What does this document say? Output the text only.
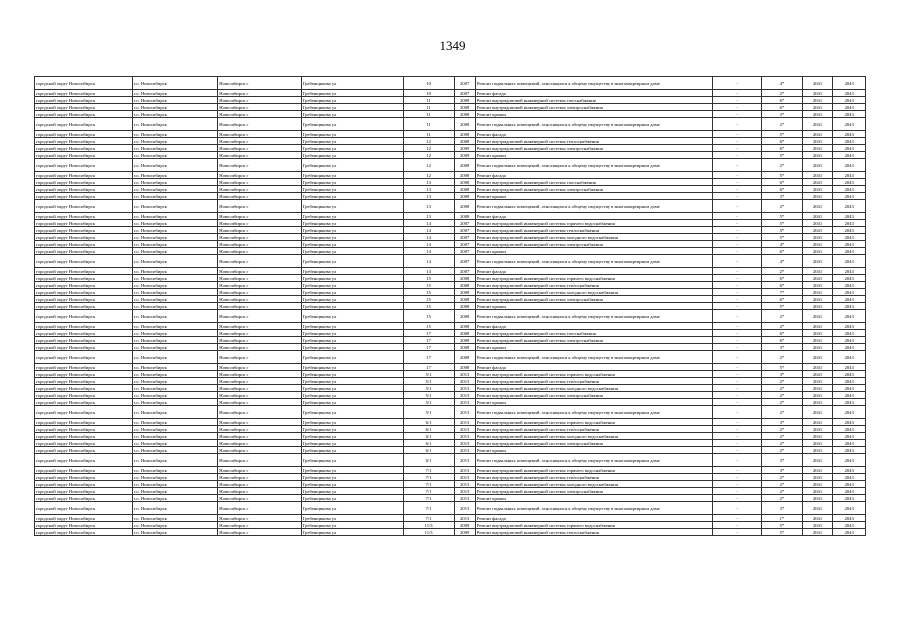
1349
городской округ Новосибирск	г.о. Новосибирск	Новосибирск г	Гребенщикова ул	10	2007	Ремонт подвальных помещений, относящихся к общему имуществу в многоквартирном доме	-	4*	2041	2043
городской округ Новосибирск	г.о. Новосибирск	Новосибирск г	Гребенщикова ул	10	2007	Ремонт фасада	-	2*	2041	2043
городской округ Новосибирск	г.о. Новосибирск	Новосибирск г	Гребенщикова ул	11	2008	Ремонт внутридомовой инженерной системы газоснабжения	-	6*	2041	2043
городской округ Новосибирск	г.о. Новосибирск	Новосибирск г	Гребенщикова ул	11	2008	Ремонт внутридомовой инженерной системы электроснабжения	-	6*	2041	2043
городской округ Новосибирск	г.о. Новосибирск	Новосибирск г	Гребенщикова ул	11	2008	Ремонт крыши	-	3*	2041	2043
городской округ Новосибирск	г.о. Новосибирск	Новосибирск г	Гребенщикова ул	11	2008	Ремонт подвальных помещений, относящихся к общему имуществу в многоквартирном доме	-	2*	2041	2043
городской округ Новосибирск	г.о. Новосибирск	Новосибирск г	Гребенщикова ул	11	2008	Ремонт фасада	-	5*	2041	2043
городской округ Новосибирск	г.о. Новосибирск	Новосибирск г	Гребенщикова ул	12	2008	Ремонт внутридомовой инженерной системы теплоснабжения	-	6*	2041	2043
городской округ Новосибирск	г.о. Новосибирск	Новосибирск г	Гребенщикова ул	12	2009	Ремонт внутридомовой инженерной системы электроснабжения	-	6*	2041	2043
городской округ Новосибирск	г.о. Новосибирск	Новосибирск г	Гребенщикова ул	12	2009	Ремонт крыши	-	5*	2041	2043
городской округ Новосибирск	г.о. Новосибирск	Новосибирск г	Гребенщикова ул	12	2008	Ремонт подвальных помещений, относящихся к общему имуществу в многоквартирном доме	-	2*	2041	2043
городской округ Новосибирск	г.о. Новосибирск	Новосибирск г	Гребенщикова ул	12	2008	Ремонт фасада	-	5*	2041	2043
городской округ Новосибирск	г.о. Новосибирск	Новосибирск г	Гребенщикова ул	13	2008	Ремонт внутридомовой инженерной системы газоснабжения	-	6*	2041	2043
городской округ Новосибирск	г.о. Новосибирск	Новосибирск г	Гребенщикова ул	13	2008	Ремонт внутридомовой инженерной системы электроснабжения	-	6*	2041	2043
городской округ Новосибирск	г.о. Новосибирск	Новосибирск г	Гребенщикова ул	13	2008	Ремонт крыши	-	3*	2041	2043
городской округ Новосибирск	г.о. Новосибирск	Новосибирск г	Гребенщикова ул	13	2008	Ремонт подвальных помещений, относящихся к общему имуществу в многоквартирном доме	-	2*	2041	2043
городской округ Новосибирск	г.о. Новосибирск	Новосибирск г	Гребенщикова ул	13	2008	Ремонт фасада	-	5*	2041	2043
городской округ Новосибирск	г.о. Новосибирск	Новосибирск г	Гребенщикова ул	14	2007	Ремонт внутридомовой инженерной системы горячего водоснабжения	-	5*	2041	2043
городской округ Новосибирск	г.о. Новосибирск	Новосибирск г	Гребенщикова ул	14	2007	Ремонт внутридомовой инженерной системы теплоснабжения	-	5*	2041	2043
городской округ Новосибирск	г.о. Новосибирск	Новосибирск г	Гребенщикова ул	14	2007	Ремонт внутридомовой инженерной системы холодного водоснабжения	-	5*	2041	2043
городской округ Новосибирск	г.о. Новосибирск	Новосибирск г	Гребенщикова ул	14	2007	Ремонт внутридомовой инженерной системы электроснабжения	-	4*	2041	2043
городской округ Новосибирск	г.о. Новосибирск	Новосибирск г	Гребенщикова ул	14	2007	Ремонт крыши	-	6*	2041	2043
городской округ Новосибирск	г.о. Новосибирск	Новосибирск г	Гребенщикова ул	14	2007	Ремонт подвальных помещений, относящихся к общему имуществу в многоквартирном доме	-	4*	2041	2043
городской округ Новосибирск	г.о. Новосибирск	Новосибирск г	Гребенщикова ул	14	2007	Ремонт фасада	-	2*	2041	2043
городской округ Новосибирск	г.о. Новосибирск	Новосибирск г	Гребенщикова ул	15	2008	Ремонт внутридомовой инженерной системы горячего водоснабжения	-	6*	2041	2043
городской округ Новосибирск	г.о. Новосибирск	Новосибирск г	Гребенщикова ул	15	2008	Ремонт внутридомовой инженерной системы теплоснабжения	-	6*	2041	2043
городской округ Новосибирск	г.о. Новосибирск	Новосибирск г	Гребенщикова ул	15	2008	Ремонт внутридомовой инженерной системы холодного водоснабжения	-	7*	2041	2043
городской округ Новосибирск	г.о. Новосибирск	Новосибирск г	Гребенщикова ул	15	2008	Ремонт внутридомовой инженерной системы электроснабжения	-	6*	2041	2043
городской округ Новосибирск	г.о. Новосибирск	Новосибирск г	Гребенщикова ул	15	2008	Ремонт крыши	-	5*	2041	2043
городской округ Новосибирск	г.о. Новосибирск	Новосибирск г	Гребенщикова ул	15	2008	Ремонт подвальных помещений, относящихся к общему имуществу в многоквартирном доме	-	2*	2041	2043
городской округ Новосибирск	г.о. Новосибирск	Новосибирск г	Гребенщикова ул	15	2008	Ремонт фасада	-	2*	2041	2043
городской округ Новосибирск	г.о. Новосибирск	Новосибирск г	Гребенщикова ул	17	2008	Ремонт внутридомовой инженерной системы газоснабжения	-	6*	2041	2043
городской округ Новосибирск	г.о. Новосибирск	Новосибирск г	Гребенщикова ул	17	2008	Ремонт внутридомовой инженерной системы электроснабжения	-	6*	2041	2043
городской округ Новосибирск	г.о. Новосибирск	Новосибирск г	Гребенщикова ул	17	2008	Ремонт крыши	-	3*	2041	2043
городской округ Новосибирск	г.о. Новосибирск	Новосибирск г	Гребенщикова ул	17	2008	Ремонт подвальных помещений, относящихся к общему имуществу в многоквартирном доме	-	2*	2041	2043
городской округ Новосибирск	г.о. Новосибирск	Новосибирск г	Гребенщикова ул	17	2008	Ремонт фасада	-	5*	2041	2043
городской округ Новосибирск	г.о. Новосибирск	Новосибирск г	Гребенщикова ул	5/1	2013	Ремонт внутридомовой инженерной системы горячего водоснабжения	-	3*	2041	2043
городской округ Новосибирск	г.о. Новосибирск	Новосибирск г	Гребенщикова ул	5/1	2013	Ремонт внутридомовой инженерной системы теплоснабжения	-	2*	2041	2043
городской округ Новосибирск	г.о. Новосибирск	Новосибирск г	Гребенщикова ул	5/1	2013	Ремонт внутридомовой инженерной системы холодного водоснабжения	-	2*	2041	2043
городской округ Новосибирск	г.о. Новосибирск	Новосибирск г	Гребенщикова ул	5/1	2013	Ремонт внутридомовой инженерной системы электроснабжения	-	2*	2041	2043
городской округ Новосибирск	г.о. Новосибирск	Новосибирск г	Гребенщикова ул	5/1	2013	Ремонт крыши	-	2*	2041	2043
городской округ Новосибирск	г.о. Новосибирск	Новосибирск г	Гребенщикова ул	5/1	2013	Ремонт подвальных помещений, относящихся к общему имуществу в многоквартирном доме	-	2*	2041	2043
городской округ Новосибирск	г.о. Новосибирск	Новосибирск г	Гребенщикова ул	6/1	2013	Ремонт внутридомовой инженерной системы горячего водоснабжения	-	3*	2041	2043
городской округ Новосибирск	г.о. Новосибирск	Новосибирск г	Гребенщикова ул	6/1	2013	Ремонт внутридомовой инженерной системы теплоснабжения	-	2*	2041	2043
городской округ Новосибирск	г.о. Новосибирск	Новосибирск г	Гребенщикова ул	6/1	2013	Ремонт внутридомовой инженерной системы холодного водоснабжения	-	2*	2041	2043
городской округ Новосибирск	г.о. Новосибирск	Новосибирск г	Гребенщикова ул	6/1	2013	Ремонт внутридомовой инженерной системы электроснабжения	-	2*	2041	2043
городской округ Новосибирск	г.о. Новосибирск	Новосибирск г	Гребенщикова ул	6/1	2013	Ремонт крыши	-	2*	2041	2043
городской округ Новосибирск	г.о. Новосибирск	Новосибирск г	Гребенщикова ул	6/1	2013	Ремонт подвальных помещений, относящихся к общему имуществу в многоквартирном доме	-	3*	2041	2043
городской округ Новосибирск	г.о. Новосибирск	Новосибирск г	Гребенщикова ул	7/1	2013	Ремонт внутридомовой инженерной системы горячего водоснабжения	-	3*	2041	2043
городской округ Новосибирск	г.о. Новосибирск	Новосибирск г	Гребенщикова ул	7/1	2013	Ремонт внутридомовой инженерной системы теплоснабжения	-	2*	2041	2043
городской округ Новосибирск	г.о. Новосибирск	Новосибирск г	Гребенщикова ул	7/1	2013	Ремонт внутридомовой инженерной системы холодного водоснабжения	-	2*	2041	2043
городской округ Новосибирск	г.о. Новосибирск	Новосибирск г	Гребенщикова ул	7/1	2013	Ремонт внутридомовой инженерной системы электроснабжения	-	2*	2041	2043
городской округ Новосибирск	г.о. Новосибирск	Новосибирск г	Гребенщикова ул	7/1	2013	Ремонт крыши	-	2*	2041	2043
городской округ Новосибирск	г.о. Новосибирск	Новосибирск г	Гребенщикова ул	7/1	2013	Ремонт подвальных помещений, относящихся к общему имуществу в многоквартирном доме	-	3*	2041	2043
городской округ Новосибирск	г.о. Новосибирск	Новосибирск г	Гребенщикова ул	7/1	2013	Ремонт фасада	-	1*	2041	2043
городской округ Новосибирск	г.о. Новосибирск	Новосибирск г	Гребенщикова ул	11/3	2009	Ремонт внутридомовой инженерной системы горячего водоснабжения	-	5*	2041	2043
городской округ Новосибирск	г.о. Новосибирск	Новосибирск г	Гребенщикова ул	11/3	2009	Ремонт внутридомовой инженерной системы теплоснабжения	-	5*	2041	2043
